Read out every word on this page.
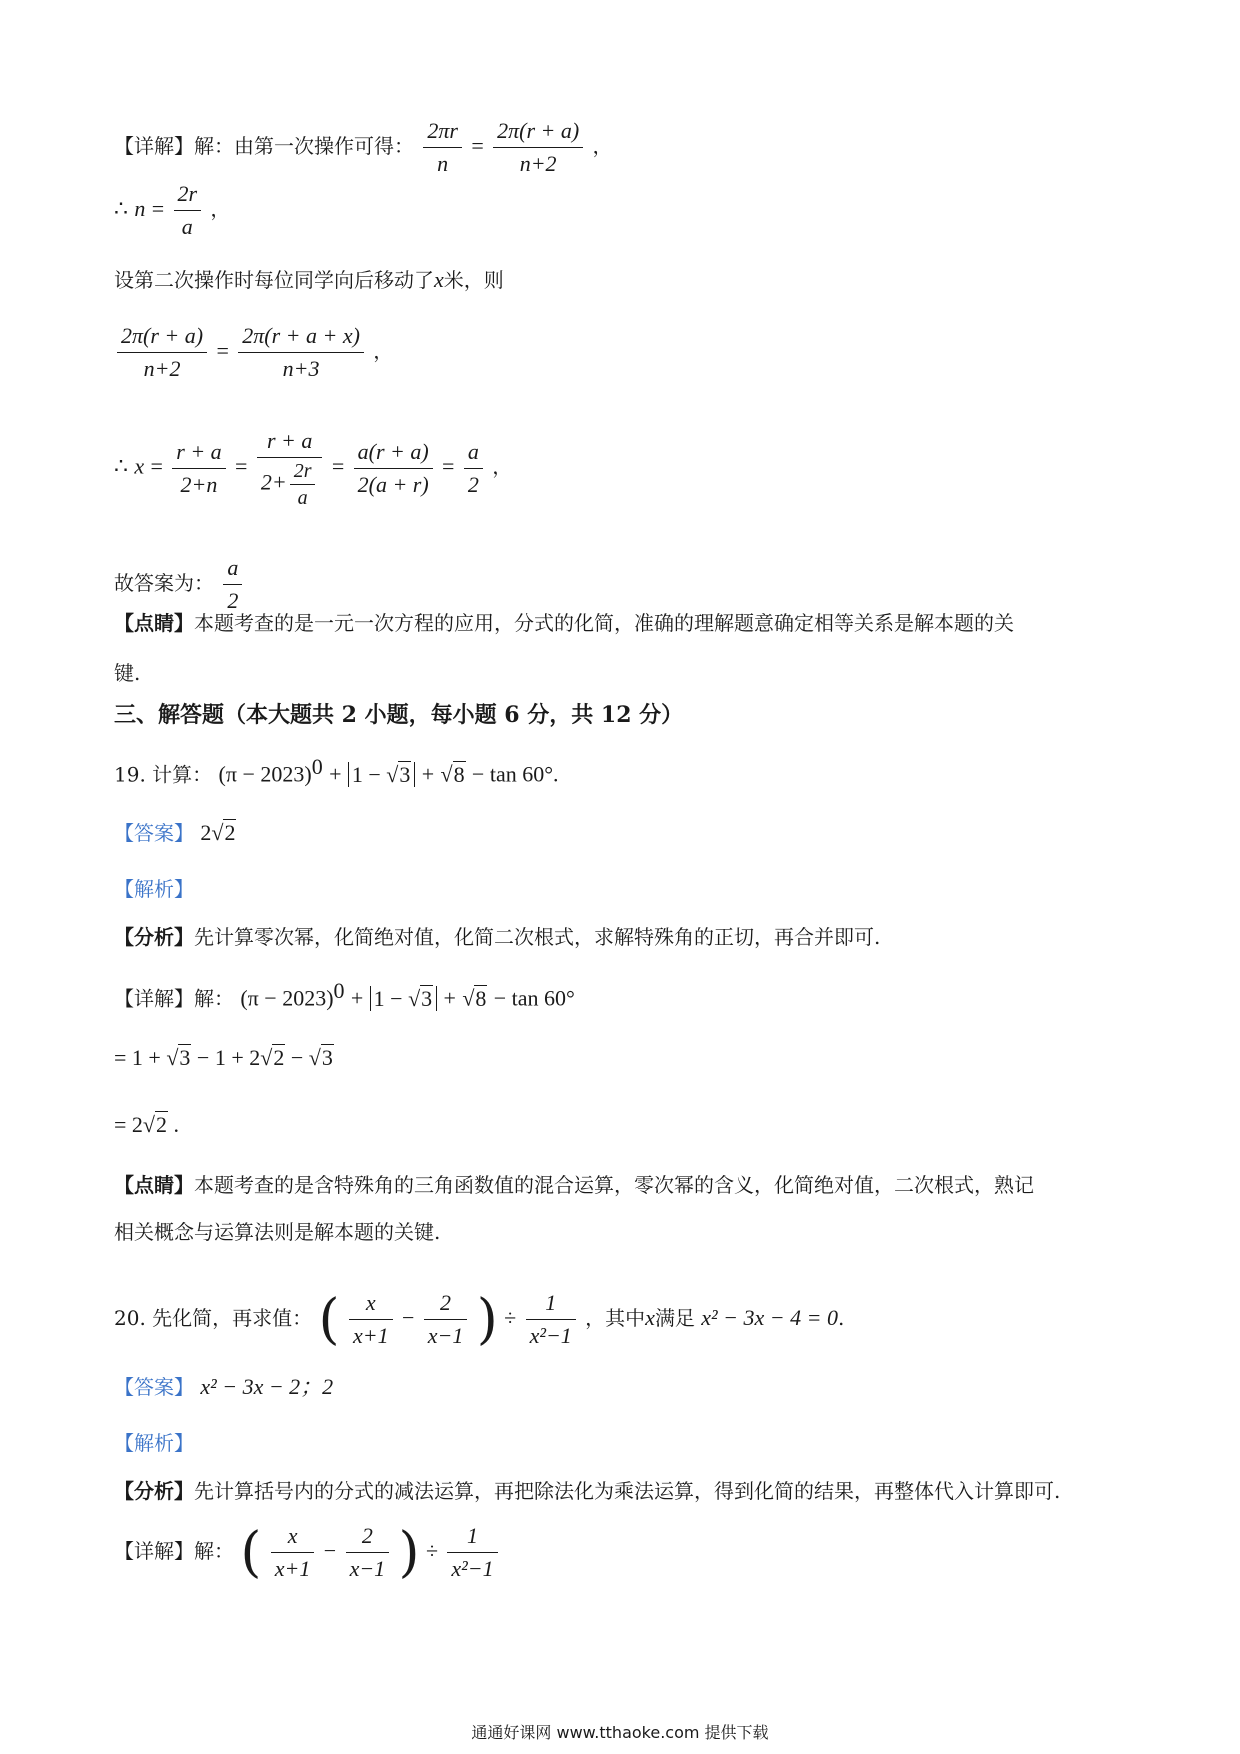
【详解】解：由第一次操作可得： $\frac{2\pi r}{n} = \frac{2\pi(r + a)}{n+2}$ ，
∴ $n = \frac{2r}{a}$ ，
设第二次操作时每位同学向后移动了x米，则
$\frac{2\pi(r + a)}{n+2} = \frac{2\pi(r + a + x)}{n+3}$ ，
∴ $x = \frac{r + a}{2+n} = \frac{r + a}{2+ \frac{2r}{a}} = \frac{a(r + a)}{2(a + r)} = \frac{a}{2}$ ，
故答案为： $\frac{a}{2}$
【点睛】本题考查的是一元一次方程的应用，分式的化简，准确的理解题意确定相等关系是解本题的关
键.
三、解答题（本大题共 2 小题，每小题 6 分，共 12 分）
19. 计算： $(\pi - 2023)^0 + 1 - √3 + √8 - \tan 60^\circ$.
【答案】 2√2
【解析】
【分析】先计算零次幂，化简绝对值，化简二次根式，求解特殊角的正切，再合并即可.
【详解】解： $(\pi - 2023)^0 + 1 - √3 + √8 - \tan 60^\circ$
= 1 + √3 − 1 + 2√2 − √3
= 2√2 .
【点睛】本题考查的是含特殊角的三角函数值的混合运算，零次幂的含义，化简绝对值，二次根式，熟记
相关概念与运算法则是解本题的关键.
20. 先化简，再求值： ( $\frac{x}{x+1} - \frac{2}{x-1}$ ) ÷ $\frac{1}{\text{x²−1}}$ ，其中x满足 x² − 3x − 4 = 0.
【答案】 x² − 3x − 2；2
【解析】
【分析】先计算括号内的分式的减法运算，再把除法化为乘法运算，得到化简的结果，再整体代入计算即可.
【详解】解： ( $\frac{x}{x+1} - \frac{2}{x-1}$ ) ÷ $\frac{1}{\text{x²−1}}$
通通好课网 www.tthaoke.com 提供下载
